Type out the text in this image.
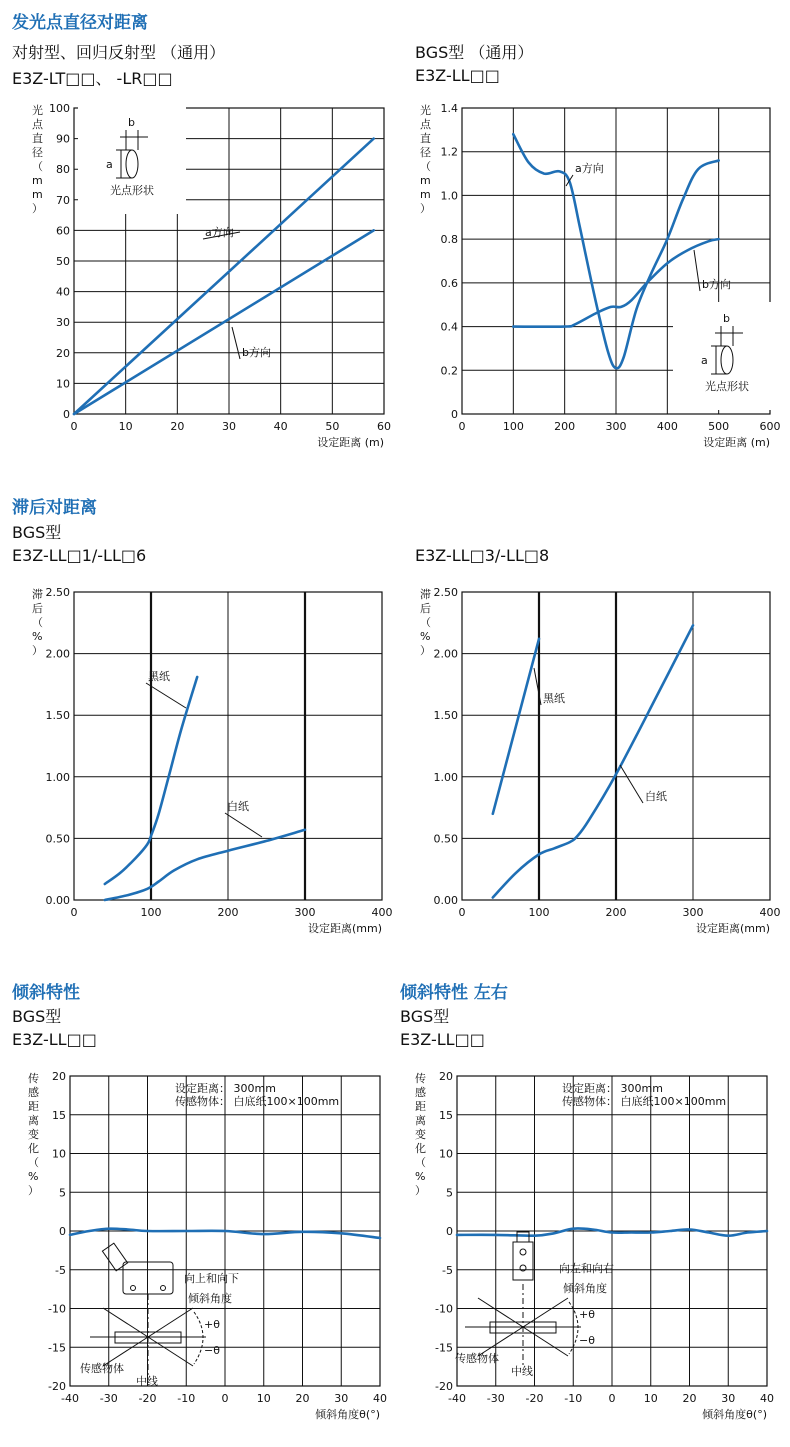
发光点直径对距离

对射型、回归反射型 （通用）

E3Z-LT□□、 -LR□□

BGS型 （通用）

E3Z-LL□□

滞后对距离

BGS型

E3Z-LL□1/-LL□6	E3Z-LL□3/-LL□8

倾斜特性	倾斜特性 左右

BGS型

E3Z-LL□□

BGS型

E3Z-LL□□

0	10	20	30	40	50	60
0
10
20
30
40
50
60
70
80
90
100
设定距离 (m)
光点直径（ m m ）
a方向
b方向
a
b
光点形状
0	100	200	300	400	500	600
0
0.2
0.4
0.6
0.8
1.0
1.2
1.4
设定距离 (m)
光点直径（ m m ）
a方向
b方向
a
b
光点形状
0	100	200	300	400
0.00
0.50
1.00
1.50
2.00
2.50
设定距离(mm)
滞后（%）
黑纸
白纸
0	100	200	300	400
0.00
0.50
1.00
1.50
2.00
2.50
设定距离(mm)
滞后（%）
黑纸
白纸
-40 -30 -20 -10 0	10 20 30 40
20
15
10
5
0
-5
-10
-15
-20
倾斜角度θ(°)
传感距离变化（%）
设定距离： 300mm
传感物体： 白底纸100×100mm
向上和向下
倾斜角度
+θ
−θ
传感物体
中线
-40 -30 -20 -10 0	10 20 30 40
20
15
10
5
0
-5
-10
-15
-20
倾斜角度θ(°)
传感距离变化（%）
设定距离： 300mm
传感物体： 白底纸100×100mm
向左和向右
倾斜角度
+θ
−θ
传感物体
中线
